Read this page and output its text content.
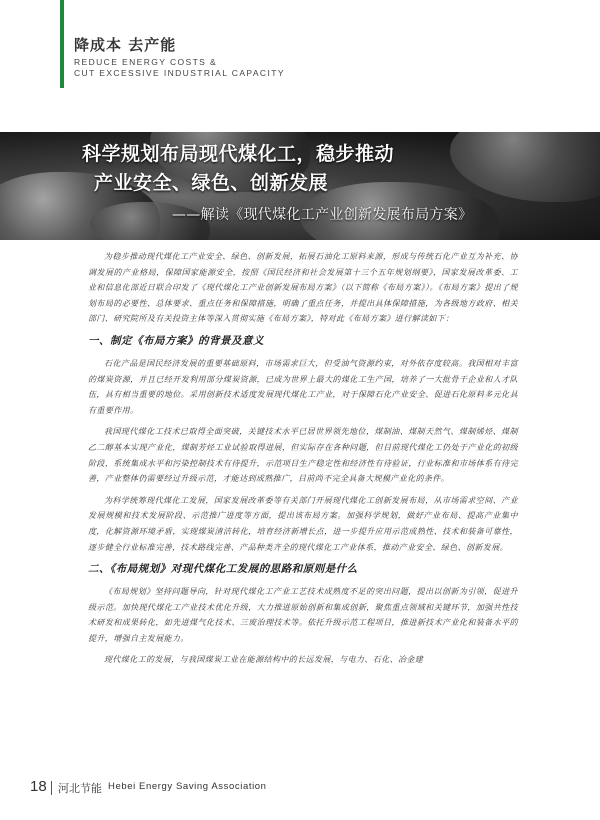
降成本 去产能
REDUCE ENERGY COSTS &
CUT EXCESSIVE INDUSTRIAL CAPACITY
科学规划布局现代煤化工，稳步推动
产业安全、绿色、创新发展
——解读《现代煤化工产业创新发展布局方案》

为稳步推动现代煤化工产业安全、绿色、创新发展，拓展石油化工原料来源，形成与传统石化产业互为补充、协调发展的产业格局，保障国家能源安全，按照《国民经济和社会发展第十三个五年规划纲要》，国家发展改革委、工业和信息化部近日联合印发了《现代煤化工产业创新发展布局方案》（以下简称《布局方案》）。《布局方案》提出了规划布局的必要性、总体要求、重点任务和保障措施，明确了重点任务，并提出具体保障措施，为各级地方政府、相关部门、研究院所及有关投资主体等深入贯彻实施《布局方案》，特对此《布局方案》进行解读如下：

一、制定《布局方案》的背景及意义

石化产品是国民经济发展的重要基础原料，市场需求巨大，但受油气资源约束，对外依存度较高。我国相对丰富的煤炭资源，并且已经开发利用部分煤炭资源，已成为世界上最大的煤化工生产国，培养了一大批骨干企业和人才队伍，具有相当重要的地位。采用创新技术适度发展现代煤化工产业，对于保障石化产业安全、促进石化原料多元化具有重要作用。

我国现代煤化工技术已取得全面突破，关键技术水平已居世界领先地位，煤制油、煤制天然气、煤制烯烃、煤制乙二醇基本实现产业化，煤制芳烃工业试验取得进展，但实际存在各种问题，但目前现代煤化工仍处于产业化的初级阶段，系统集成水平和污染控制技术有待提升，示范项目生产稳定性和经济性有待验证，行业标准和市场体系有待完善，产业整体仍需要经过升级示范，才能达到成熟推广，目前尚不完全具备大规模产业化的条件。

为科学统筹现代煤化工发展，国家发展改革委等有关部门开展现代煤化工创新发展布局，从市场需求空间、产业发展规模和技术发展阶段、示范推广进度等方面，提出该布局方案。加强科学规划，做好产业布局、提高产业集中度，化解资源环境矛盾，实现煤炭清洁转化，培育经济新增长点，进一步提升应用示范成熟性、技术和装备可靠性，逐步健全行业标准完善，技术路线完善、产品种类齐全的现代煤化工产业体系，推动产业安全、绿色、创新发展。

二、《布局规划》对现代煤化工发展的思路和原则是什么

《布局规划》坚持问题导向，针对现代煤化工产业工艺技术成熟度不足的突出问题，提出以创新为引领，促进升级示范。加快现代煤化工产业技术优化升级，大力推进原始创新和集成创新，聚焦重点领域和关键环节，加强共性技术研发和成果转化，如先进煤气化技术、三废治理技术等。依托升级示范工程项目，推进新技术产业化和装备水平的提升，增强自主发展能力。

现代煤化工的发展，与我国煤炭工业在能源结构中的长远发展，与电力、石化、冶金建

18 河北节能 Hebei Energy Saving Association
